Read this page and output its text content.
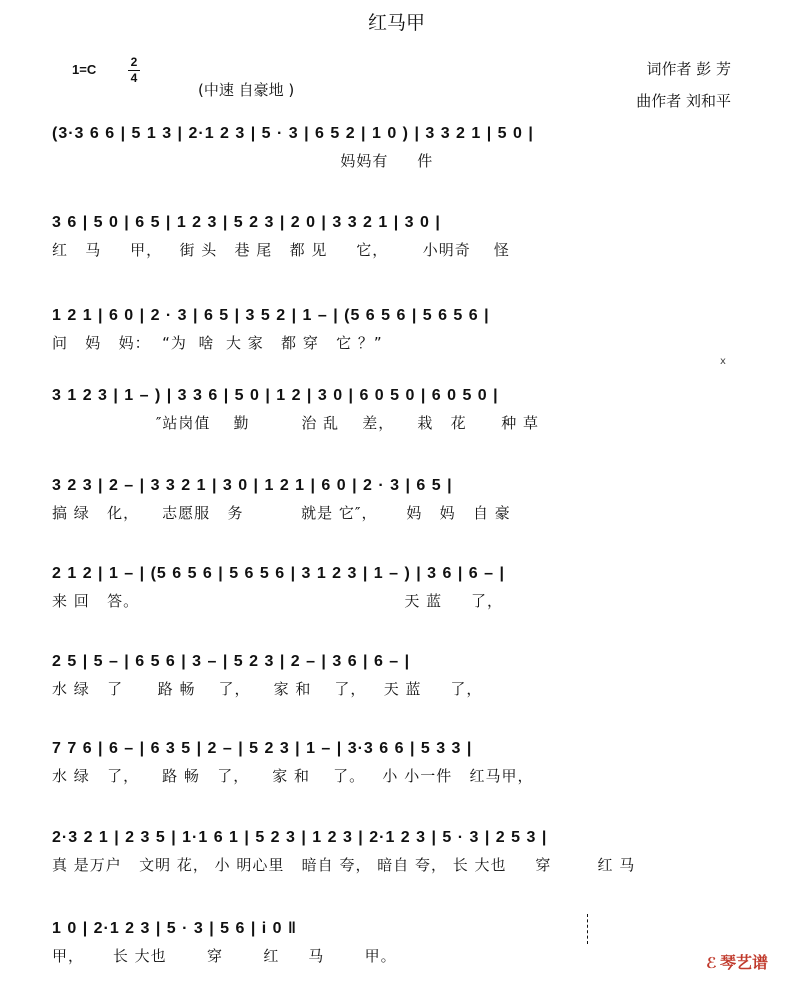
红马甲
1=C	2
4
(中速 自豪地 )
词作者 彭 芳
曲作者 刘和平
(3·3 6 6 | 5 1 3 | 2·1 2 3 | 5 · 3 | 6 5 2 | 1 0 ) | 3 3 2 1 | 5 0 |
妈妈有     件
3 6 | 5 0 | 6 5 | 1 2 3 | 5 2 3 | 2 0 | 3 3 2 1 | 3 0 |
红   马     甲，   街 头   巷 尾   都 见     它，      小明奇    怪
1 2 1 | 6 0 | 2 · 3 | 6 5 | 3 5 2 | 1 – | (5 6 5 6 | 5 6 5 6 |
问   妈   妈：  “为  啥  大 家   都 穿   它 ？”
3 1 2 3 | 1 – ) | 3 3 6 | 5 0 | 1 2 | 3 0 | 6 0 5 0 | 6 0 5 0 |
″站岗值    勤         治 乱    差，    栽   花      种 草
3 2 3 | 2 – | 3 3 2 1 | 3 0 | 1 2 1 | 6 0 | 2 · 3 | 6 5 |
搞 绿   化，    志愿服   务          就是 它″，     妈   妈   自 豪
2 1 2 | 1 – | (5 6 5 6 | 5 6 5 6 | 3 1 2 3 | 1 – ) | 3 6 | 6 – |
来 回   答。                                              天 蓝     了，
2 5 | 5 – | 6 5 6 | 3 – | 5 2 3 | 2 – | 3 6 | 6 – |
水 绿   了      路 畅    了，    家 和    了，   天 蓝     了，
7 7 6 | 6 – | 6 3 5 | 2 – | 5 2 3 | 1 – | 3·3 6 6 | 5 3 3 |
水 绿   了，    路 畅   了，    家 和    了。   小 小一件   红马甲，
2·3 2 1 | 2 3 5 | 1·1 6 1 | 5 2 3 | 1 2 3 | 2·1 2 3 | 5 · 3 | 2 5 3 |
真 是万户   文明 花， 小 明心里   暗自 夸， 暗自 夸， 长 大也     穿        红 马
1 0 | 2·1 2 3 | 5 · 3 | 5 6 | i 0 ‖
甲，     长 大也       穿       红     马       甲。
x
ℰ 琴艺谱
